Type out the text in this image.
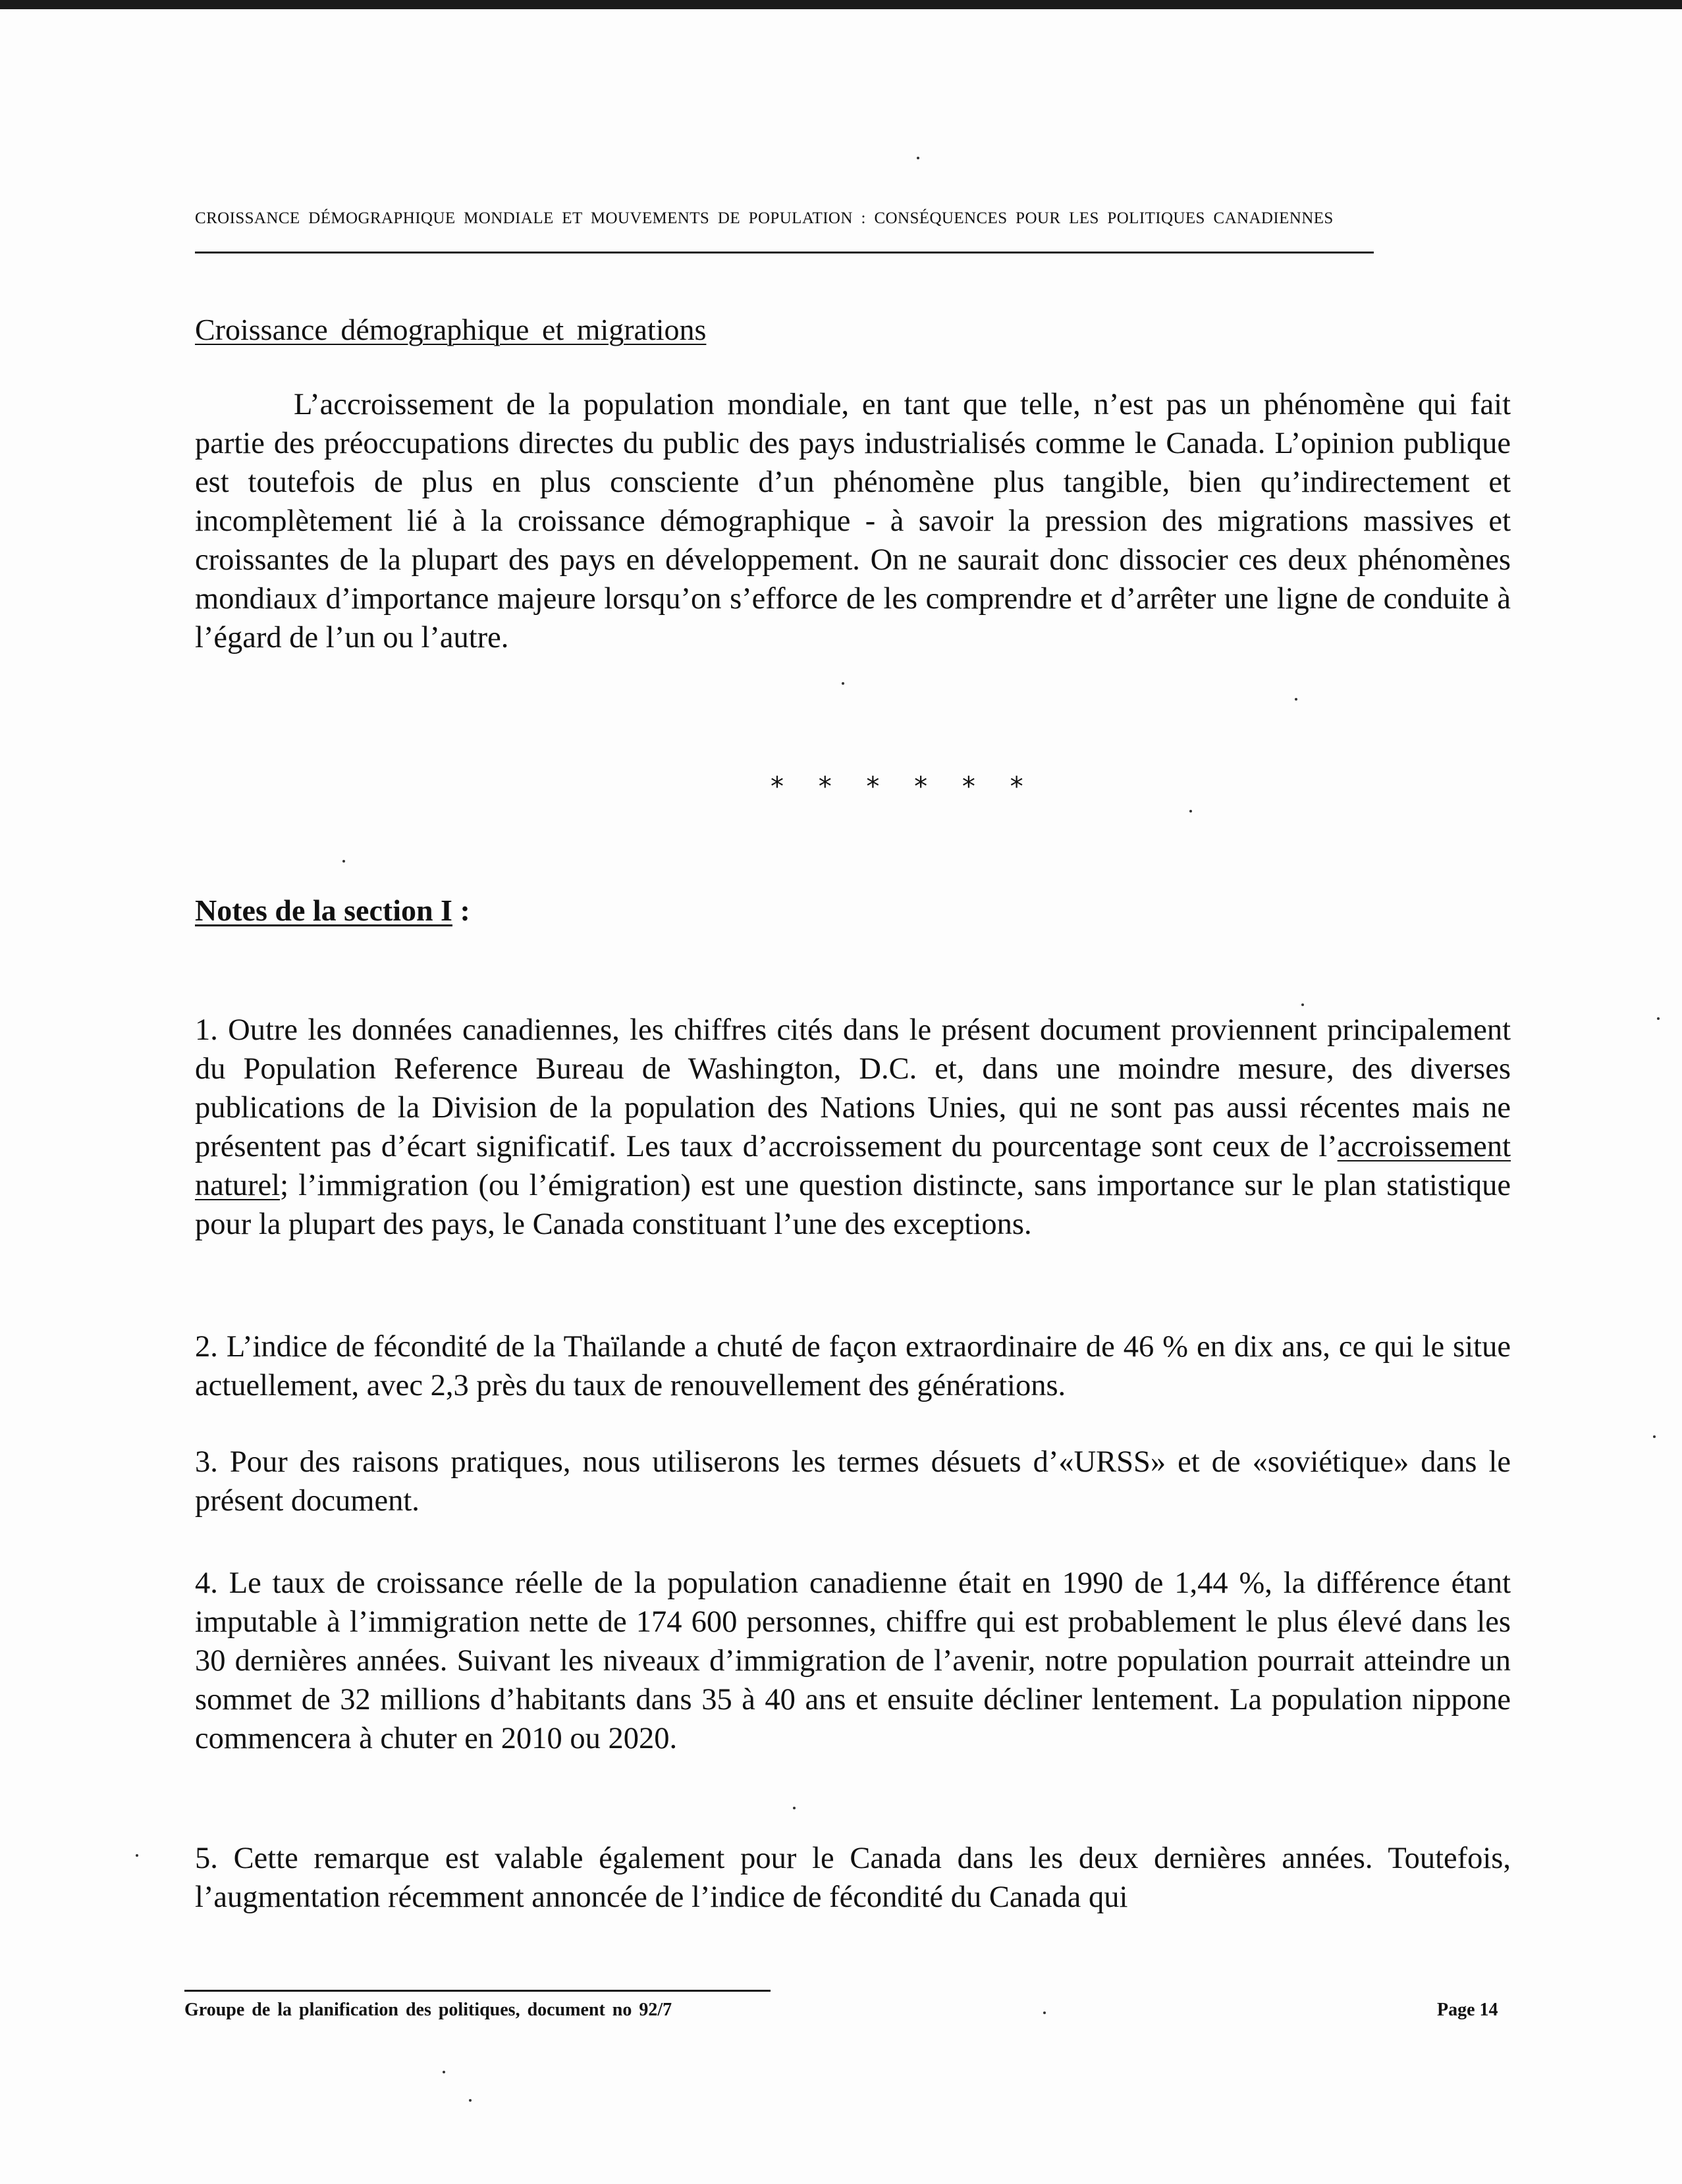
CROISSANCE DÉMOGRAPHIQUE MONDIALE ET MOUVEMENTS DE POPULATION : CONSÉQUENCES POUR LES POLITIQUES CANADIENNES
Croissance démographique et migrations

L’accroissement de la population mondiale, en tant que telle, n’est pas un phénomène qui fait partie des préoccupations directes du public des pays industrialisés comme le Canada. L’opinion publique est toutefois de plus en plus consciente d’un phénomène plus tangible, bien qu’indirectement et incomplètement lié à la croissance démographique - à savoir la pression des migrations massives et croissantes de la plupart des pays en développement. On ne saurait donc dissocier ces deux phénomènes mondiaux d’importance majeure lorsqu’on s’efforce de les comprendre et d’arrêter une ligne de conduite à l’égard de l’un ou l’autre.

* * * * * *
Notes de la section I :

1. Outre les données canadiennes, les chiffres cités dans le présent document proviennent principalement du Population Reference Bureau de Washington, D.C. et, dans une moindre mesure, des diverses publications de la Division de la population des Nations Unies, qui ne sont pas aussi récentes mais ne présentent pas d’écart significatif. Les taux d’accroissement du pourcentage sont ceux de l’accroissement naturel; l’immigration (ou l’émigration) est une question distincte, sans importance sur le plan statistique pour la plupart des pays, le Canada constituant l’une des exceptions.

2. L’indice de fécondité de la Thaïlande a chuté de façon extraordinaire de 46 % en dix ans, ce qui le situe actuellement, avec 2,3 près du taux de renouvellement des générations.

3. Pour des raisons pratiques, nous utiliserons les termes désuets d’«URSS» et de «soviétique» dans le présent document.

4. Le taux de croissance réelle de la population canadienne était en 1990 de 1,44 %, la différence étant imputable à l’immigration nette de 174 600 personnes, chiffre qui est probablement le plus élevé dans les 30 dernières années. Suivant les niveaux d’immigration de l’avenir, notre population pourrait atteindre un sommet de 32 millions d’habitants dans 35 à 40 ans et ensuite décliner lentement. La population nippone commencera à chuter en 2010 ou 2020.

5. Cette remarque est valable également pour le Canada dans les deux dernières années. Toutefois, l’augmentation récemment annoncée de l’indice de fécondité du Canada qui

Groupe de la planification des politiques, document no 92/7	Page 14
